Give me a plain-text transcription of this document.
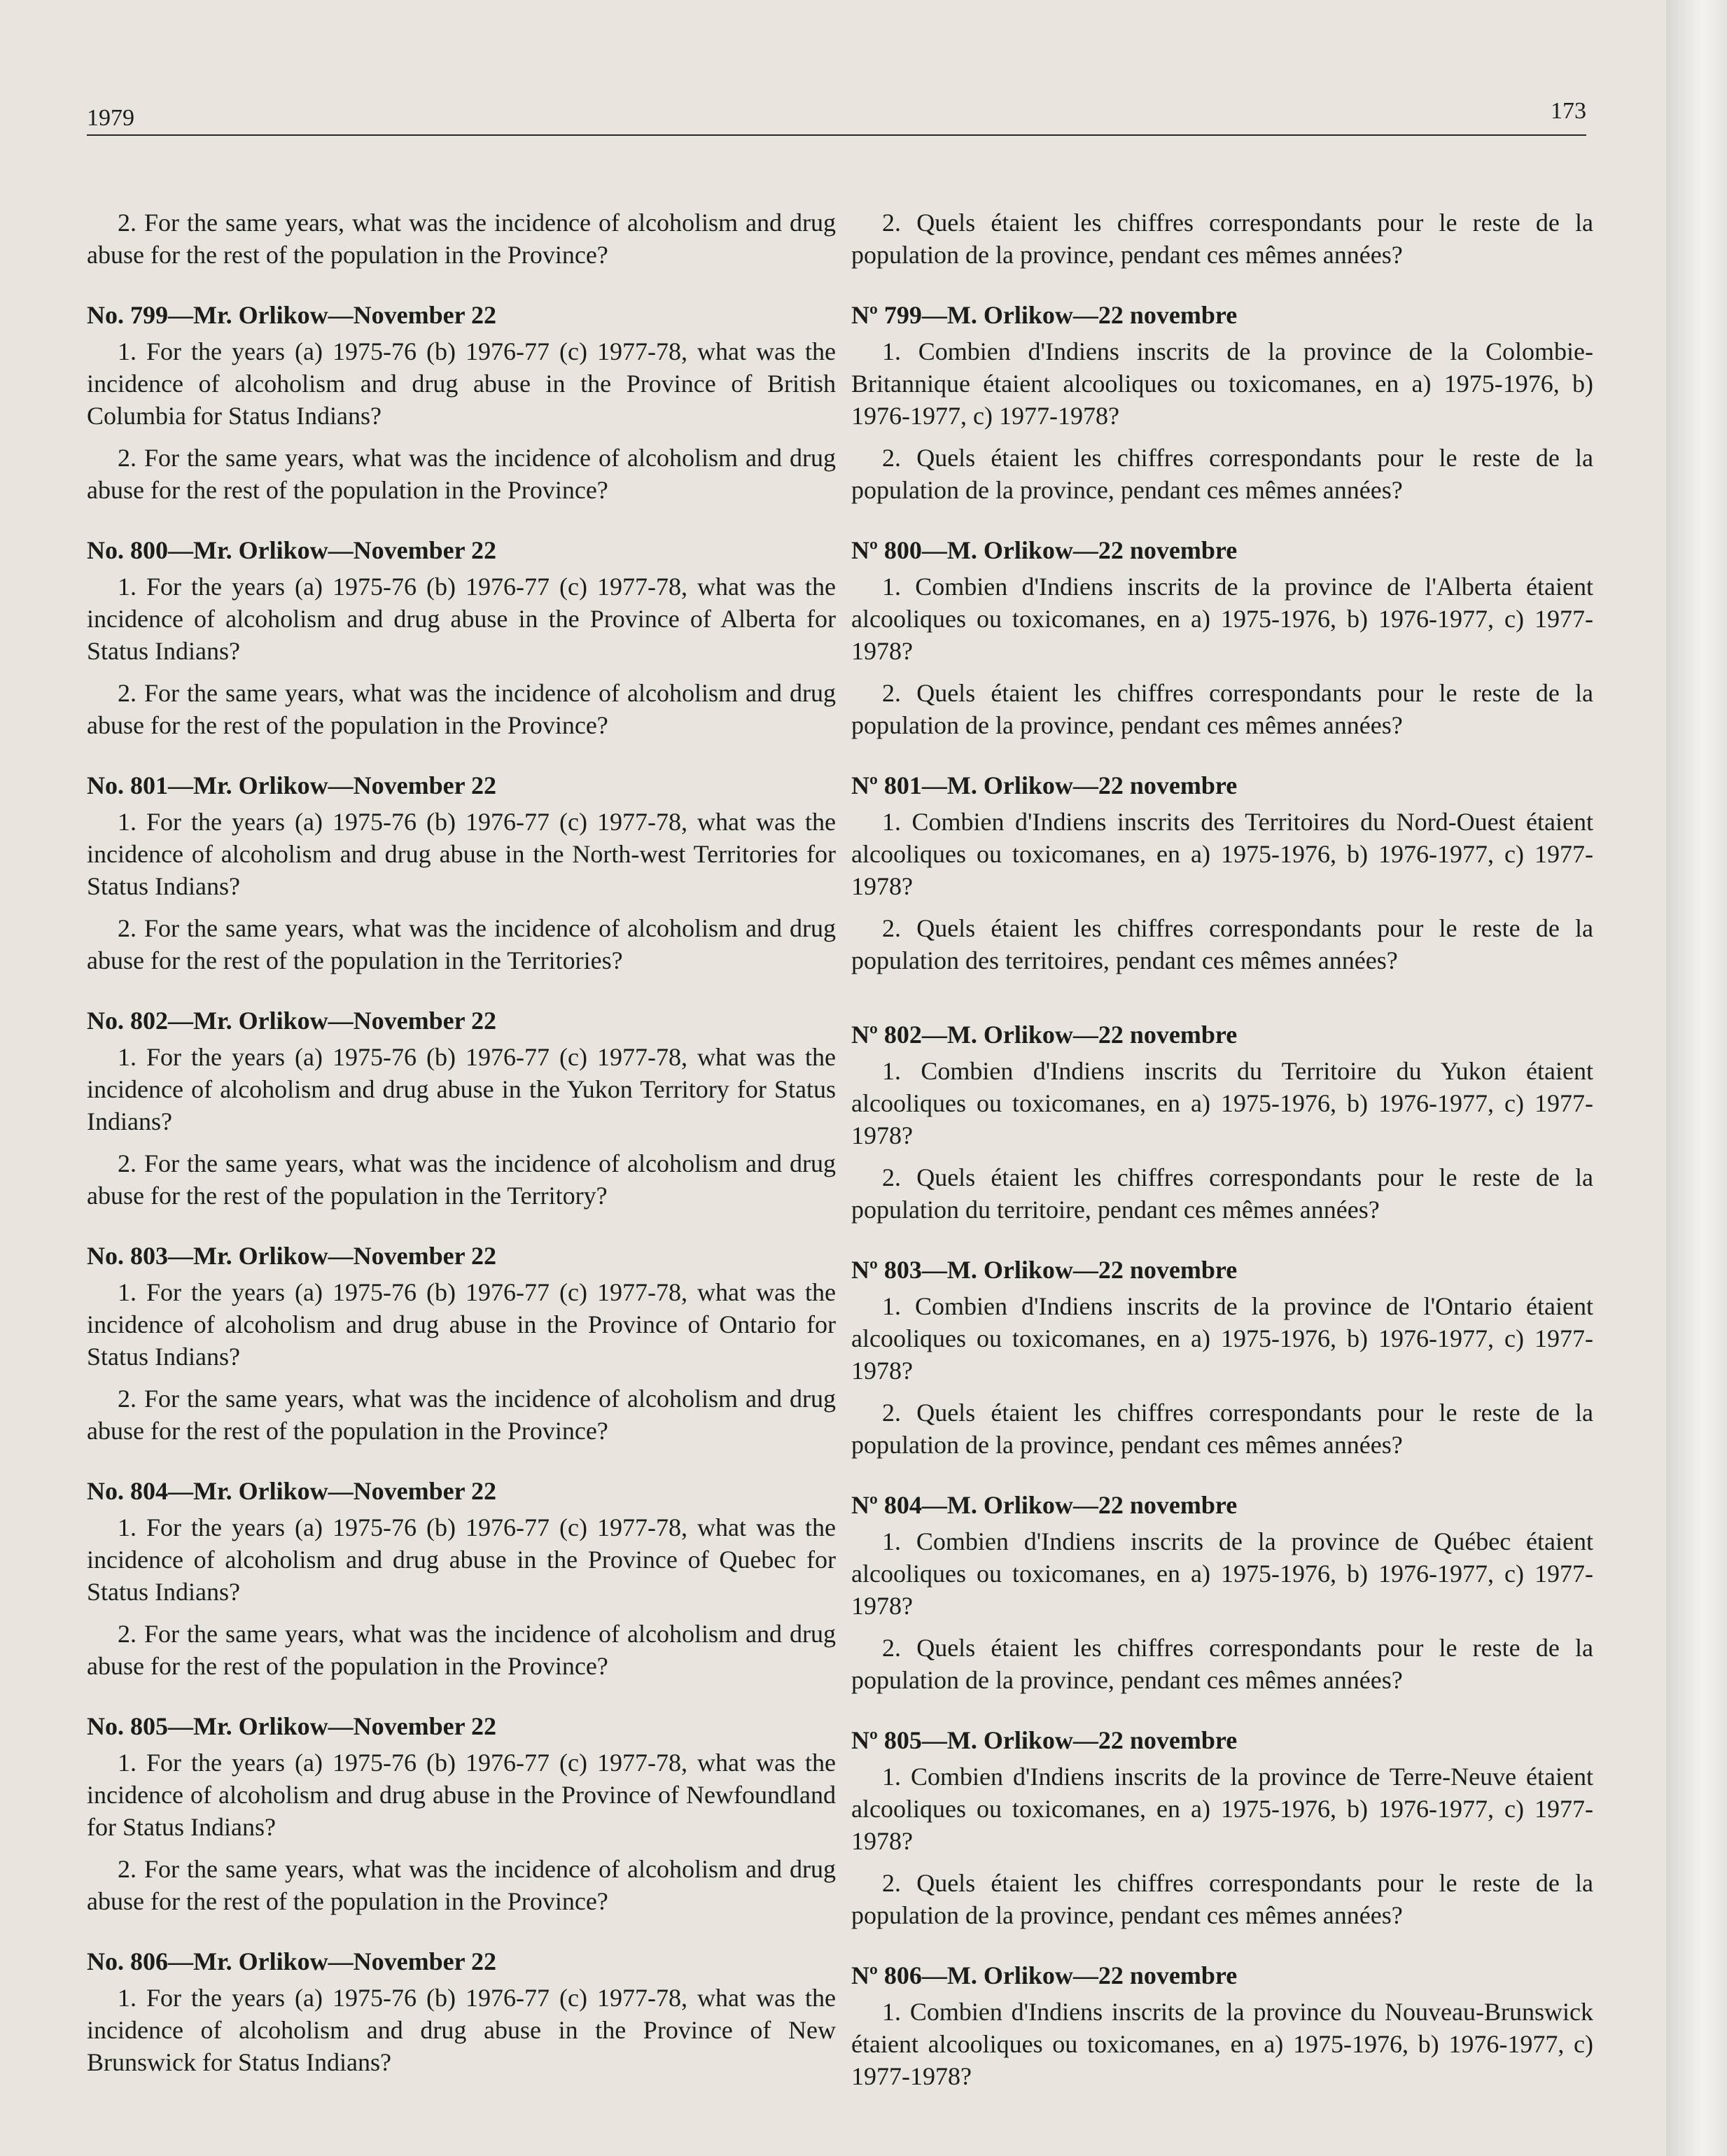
1979	173

2. For the same years, what was the incidence of alcoholism and drug abuse for the rest of the population in the Province?

No. 799—Mr. Orlikow—November 22

1. For the years (a) 1975-76 (b) 1976-77 (c) 1977-78, what was the incidence of alcoholism and drug abuse in the Province of British Columbia for Status Indians?

2. For the same years, what was the incidence of alcoholism and drug abuse for the rest of the population in the Province?

No. 800—Mr. Orlikow—November 22

1. For the years (a) 1975-76 (b) 1976-77 (c) 1977-78, what was the incidence of alcoholism and drug abuse in the Province of Alberta for Status Indians?

2. For the same years, what was the incidence of alcoholism and drug abuse for the rest of the population in the Province?

No. 801—Mr. Orlikow—November 22

1. For the years (a) 1975-76 (b) 1976-77 (c) 1977-78, what was the incidence of alcoholism and drug abuse in the North-west Territories for Status Indians?

2. For the same years, what was the incidence of alcoholism and drug abuse for the rest of the population in the Territories?

No. 802—Mr. Orlikow—November 22

1. For the years (a) 1975-76 (b) 1976-77 (c) 1977-78, what was the incidence of alcoholism and drug abuse in the Yukon Territory for Status Indians?

2. For the same years, what was the incidence of alcoholism and drug abuse for the rest of the population in the Territory?

No. 803—Mr. Orlikow—November 22

1. For the years (a) 1975-76 (b) 1976-77 (c) 1977-78, what was the incidence of alcoholism and drug abuse in the Province of Ontario for Status Indians?

2. For the same years, what was the incidence of alcoholism and drug abuse for the rest of the population in the Province?

No. 804—Mr. Orlikow—November 22

1. For the years (a) 1975-76 (b) 1976-77 (c) 1977-78, what was the incidence of alcoholism and drug abuse in the Province of Quebec for Status Indians?

2. For the same years, what was the incidence of alcoholism and drug abuse for the rest of the population in the Province?

No. 805—Mr. Orlikow—November 22

1. For the years (a) 1975-76 (b) 1976-77 (c) 1977-78, what was the incidence of alcoholism and drug abuse in the Province of Newfoundland for Status Indians?

2. For the same years, what was the incidence of alcoholism and drug abuse for the rest of the population in the Province?

No. 806—Mr. Orlikow—November 22

1. For the years (a) 1975-76 (b) 1976-77 (c) 1977-78, what was the incidence of alcoholism and drug abuse in the Province of New Brunswick for Status Indians?

2. Quels étaient les chiffres correspondants pour le reste de la population de la province, pendant ces mêmes années?

Nº 799—M. Orlikow—22 novembre

1. Combien d'Indiens inscrits de la province de la Colombie-Britannique étaient alcooliques ou toxicomanes, en a) 1975-1976, b) 1976-1977, c) 1977-1978?

2. Quels étaient les chiffres correspondants pour le reste de la population de la province, pendant ces mêmes années?

Nº 800—M. Orlikow—22 novembre

1. Combien d'Indiens inscrits de la province de l'Alberta étaient alcooliques ou toxicomanes, en a) 1975-1976, b) 1976-1977, c) 1977-1978?

2. Quels étaient les chiffres correspondants pour le reste de la population de la province, pendant ces mêmes années?

Nº 801—M. Orlikow—22 novembre

1. Combien d'Indiens inscrits des Territoires du Nord-Ouest étaient alcooliques ou toxicomanes, en a) 1975-1976, b) 1976-1977, c) 1977-1978?

2. Quels étaient les chiffres correspondants pour le reste de la population des territoires, pendant ces mêmes années?

Nº 802—M. Orlikow—22 novembre

1. Combien d'Indiens inscrits du Territoire du Yukon étaient alcooliques ou toxicomanes, en a) 1975-1976, b) 1976-1977, c) 1977-1978?

2. Quels étaient les chiffres correspondants pour le reste de la population du territoire, pendant ces mêmes années?

Nº 803—M. Orlikow—22 novembre

1. Combien d'Indiens inscrits de la province de l'Ontario étaient alcooliques ou toxicomanes, en a) 1975-1976, b) 1976-1977, c) 1977-1978?

2. Quels étaient les chiffres correspondants pour le reste de la population de la province, pendant ces mêmes années?

Nº 804—M. Orlikow—22 novembre

1. Combien d'Indiens inscrits de la province de Québec étaient alcooliques ou toxicomanes, en a) 1975-1976, b) 1976-1977, c) 1977-1978?

2. Quels étaient les chiffres correspondants pour le reste de la population de la province, pendant ces mêmes années?

Nº 805—M. Orlikow—22 novembre

1. Combien d'Indiens inscrits de la province de Terre-Neuve étaient alcooliques ou toxicomanes, en a) 1975-1976, b) 1976-1977, c) 1977-1978?

2. Quels étaient les chiffres correspondants pour le reste de la population de la province, pendant ces mêmes années?

Nº 806—M. Orlikow—22 novembre

1. Combien d'Indiens inscrits de la province du Nouveau-Brunswick étaient alcooliques ou toxicomanes, en a) 1975-1976, b) 1976-1977, c) 1977-1978?
